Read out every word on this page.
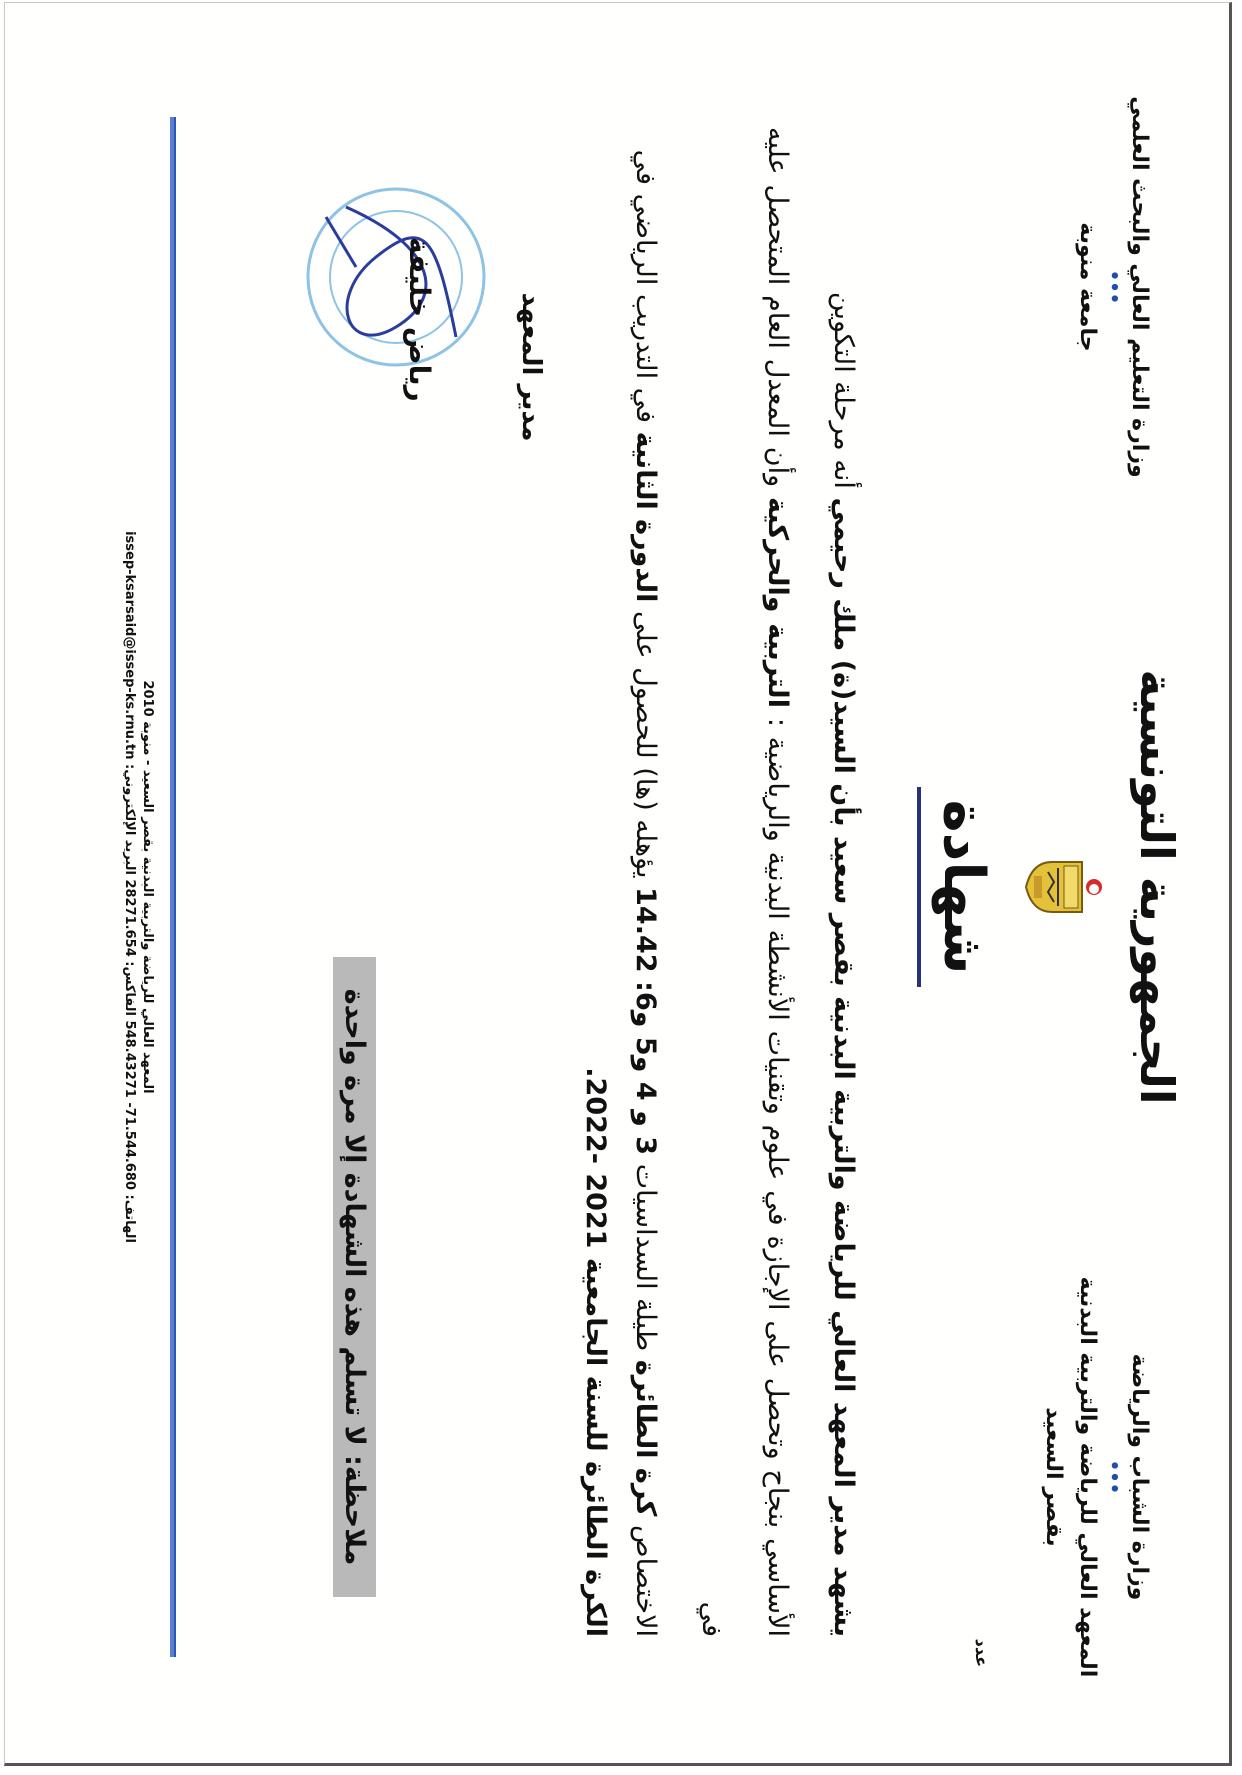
وزارة الشباب والرياضة
•••
المعهد العالي للرياضة والتربية البدنية بقصر السعيد
الجمهورية التونسية
وزارة التعليم العالي والبحث العلمي
•••
جامعة منوبة
عدد
شهادة

يشهد مدير المعهد العالي للرياضة والتربية البدنية بقصر سعيد بأن السيد(ة) ملك رحيمي أنه مرحلة التكوين

الأساسي بنجاح وتحصل على الإجازة في علوم وتقنيات الأنشطة البدنية والرياضية : التربية والحركية وأن المعدل العام المتحصل عليه في

الاختصاص كرة الطائرة طيلة السداسيات 3 و 4 و5 و6: 14.42 يؤهله (ها) للحصول على الدورة الثانية في التدريب الرياضي في

الكرة الطائرة للسنة الجامعية 2021 -2022.
مدير المعهد
رياض خليفة
ملاحظة: لا تسلم هذه الشهادة إلا مرة واحدة
المعهد العالي للرياضة والتربية البدنية بقصر السعيد - منوبة 2010
الهاتف: 71.544.680- 548.43271 الفاكس: 28271.654 البريد الإلكتروني: issep-ksarsaid@issep-ks.rnu.tn
